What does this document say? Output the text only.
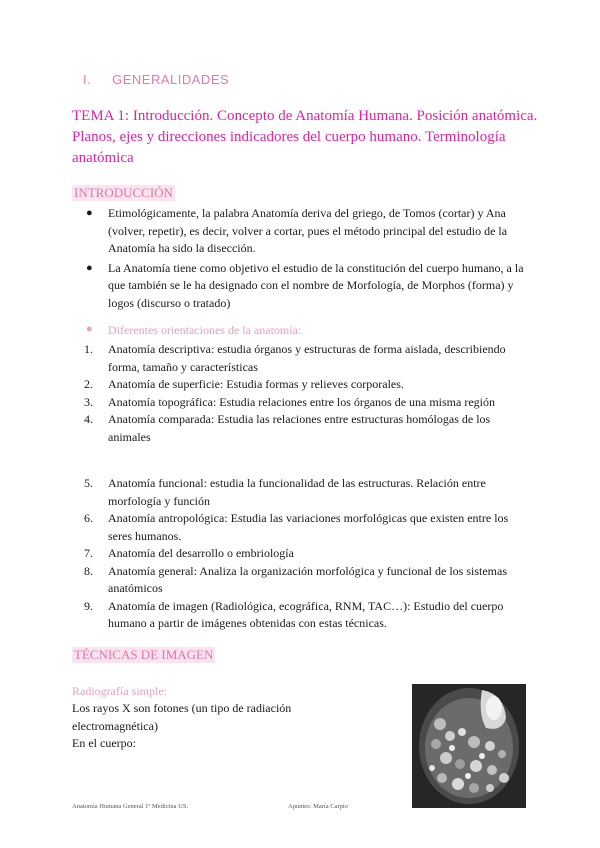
I. GENERALIDADES
TEMA 1: Introducción. Concepto de Anatomía Humana. Posición anatómica. Planos, ejes y direcciones indicadores del cuerpo humano. Terminología anatómica
INTRODUCCIÓN
● Etimológicamente, la palabra Anatomía deriva del griego, de Tomos (cortar) y Ana (volver, repetir), es decir, volver a cortar, pues el método principal del estudio de la Anatomía ha sido la disección.
● La Anatomía tiene como objetivo el estudio de la constitución del cuerpo humano, a la que también se le ha designado con el nombre de Morfología, de Morphos (forma) y logos (discurso o tratado)
● Diferentes orientaciones de la anatomía:
1. Anatomía descriptiva: estudia órganos y estructuras de forma aislada, describiendo forma, tamaño y características
2. Anatomía de superficie: Estudia formas y relieves corporales.
3. Anatomía topográfica: Estudia relaciones entre los órganos de una misma región
4. Anatomía comparada: Estudia las relaciones entre estructuras homólogas de los animales
5. Anatomía funcional: estudia la funcionalidad de las estructuras. Relación entre morfología y función
6. Anatomía antropológica: Estudia las variaciones morfológicas que existen entre los seres humanos.
7. Anatomía del desarrollo o embriología
8. Anatomía general: Analiza la organización morfológica y funcional de los sistemas anatómicos
9. Anatomía de imagen (Radiológica, ecográfica, RNM, TAC…): Estudio del cuerpo humano a partir de imágenes obtenidas con estas técnicas.
TÉCNICAS DE IMAGEN
Radiografía simple:
Los rayos X son fotones (un tipo de radiación electromagnética)
En el cuerpo:
Anatomía Humana General 1º Medicina US.	Apuntes: María Carpio
